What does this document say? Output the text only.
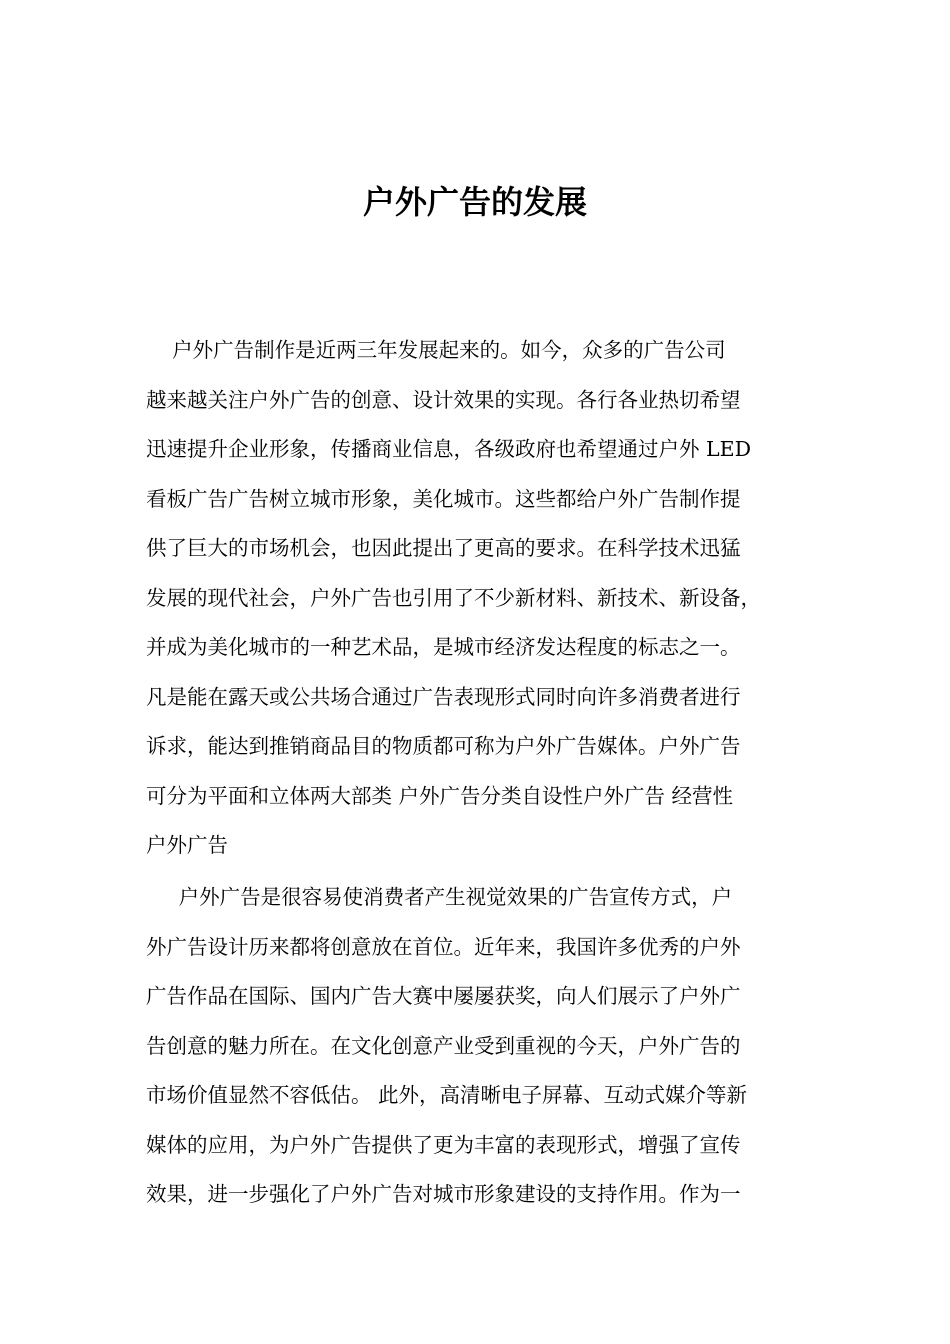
户外广告的发展
户外广告制作是近两三年发展起来的。如今，众多的广告公司
越来越关注户外广告的创意、设计效果的实现。各行各业热切希望
迅速提升企业形象，传播商业信息，各级政府也希望通过户外 LED
看板广告广告树立城市形象，美化城市。这些都给户外广告制作提
供了巨大的市场机会，也因此提出了更高的要求。在科学技术迅猛
发展的现代社会，户外广告也引用了不少新材料、新技术、新设备，
并成为美化城市的一种艺术品，是城市经济发达程度的标志之一。
凡是能在露天或公共场合通过广告表现形式同时向许多消费者进行
诉求，能达到推销商品目的物质都可称为户外广告媒体。户外广告
可分为平面和立体两大部类 户外广告分类自设性户外广告 经营性
户外广告
户外广告是很容易使消费者产生视觉效果的广告宣传方式，户
外广告设计历来都将创意放在首位。近年来，我国许多优秀的户外
广告作品在国际、国内广告大赛中屡屡获奖，向人们展示了户外广
告创意的魅力所在。在文化创意产业受到重视的今天，户外广告的
市场价值显然不容低估。 此外，高清晰电子屏幕、互动式媒介等新
媒体的应用，为户外广告提供了更为丰富的表现形式，增强了宣传
效果，进一步强化了户外广告对城市形象建设的支持作用。作为一
